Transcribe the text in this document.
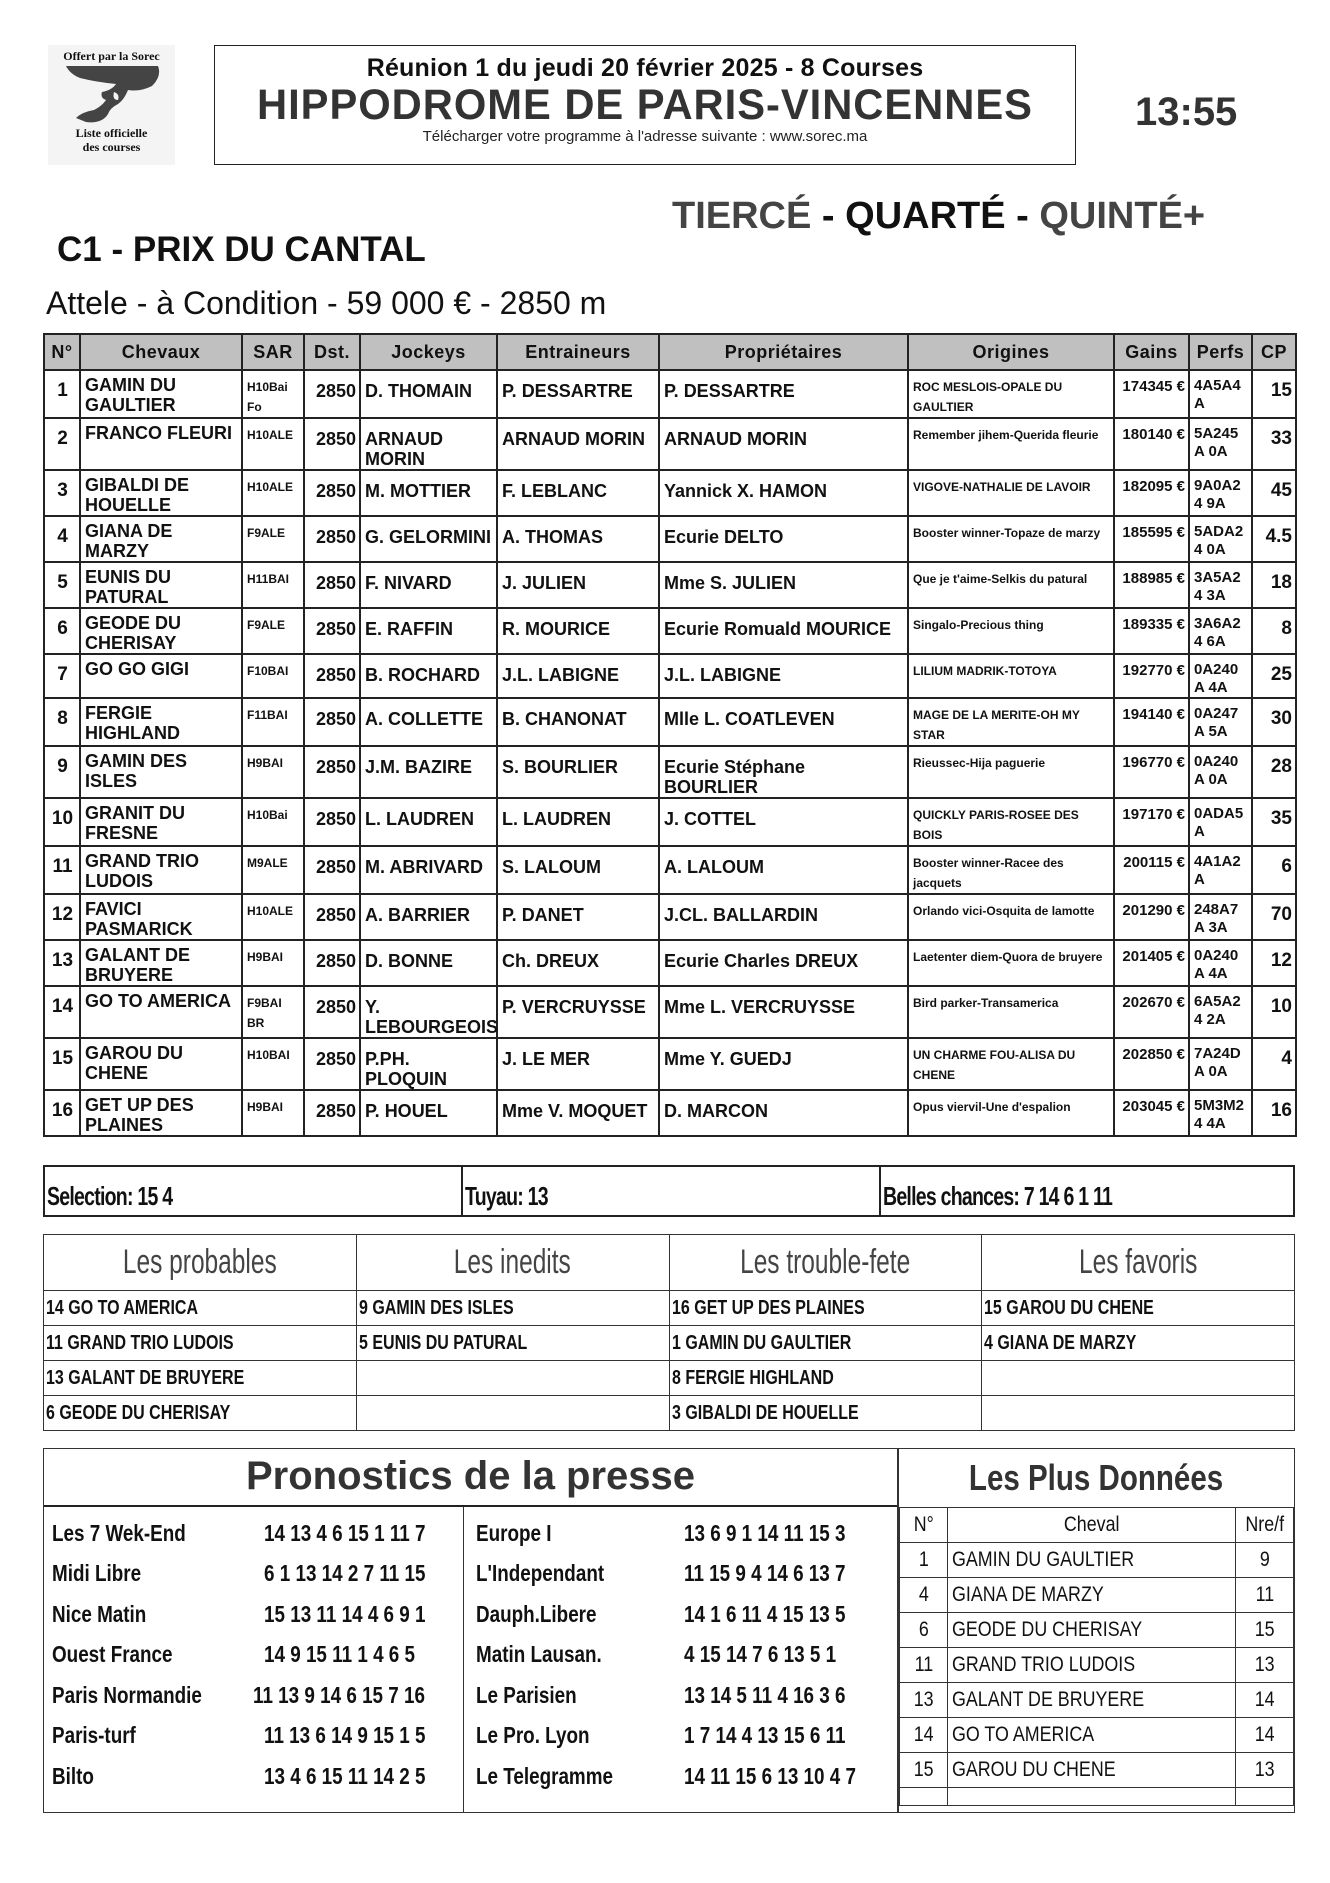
Offert par la Sorec
Liste officielle
des courses
Réunion 1 du jeudi 20 février 2025 - 8 Courses
HIPPODROME DE PARIS-VINCENNES
Télécharger votre programme à l'adresse suivante : www.sorec.ma
13:55
TIERCÉ - QUARTÉ - QUINTÉ+
C1 - PRIX DU CANTAL
Attele - à Condition - 59 000 € - 2850 m
N°	Chevaux	SAR	Dst.	Jockeys	Entraineurs	Propriétaires	Origines	Gains	Perfs	CP
1	GAMIN DU GAULTIER	H10Bai Fo	2850	D. THOMAIN	P. DESSARTRE	P. DESSARTRE	ROC MESLOIS-OPALE DU GAULTIER	174345 €	4A5A4A	15
2	FRANCO FLEURI	H10ALE	2850	ARNAUD MORIN	ARNAUD MORIN	ARNAUD MORIN	Remember jihem-Querida fleurie	180140 €	5A245A 0A	33
3	GIBALDI DE HOUELLE	H10ALE	2850	M. MOTTIER	F. LEBLANC	Yannick X. HAMON	VIGOVE-NATHALIE DE LAVOIR	182095 €	9A0A24 9A	45
4	GIANA DE MARZY	F9ALE	2850	G. GELORMINI	A. THOMAS	Ecurie DELTO	Booster winner-Topaze de marzy	185595 €	5ADA24 0A	4.5
5	EUNIS DU PATURAL	H11BAI	2850	F. NIVARD	J. JULIEN	Mme S. JULIEN	Que je t'aime-Selkis du patural	188985 €	3A5A24 3A	18
6	GEODE DU CHERISAY	F9ALE	2850	E. RAFFIN	R. MOURICE	Ecurie Romuald MOURICE	Singalo-Precious thing	189335 €	3A6A24 6A	8
7	GO GO GIGI	F10BAI	2850	B. ROCHARD	J.L. LABIGNE	J.L. LABIGNE	LILIUM MADRIK-TOTOYA	192770 €	0A240A 4A	25
8	FERGIE HIGHLAND	F11BAI	2850	A. COLLETTE	B. CHANONAT	Mlle L. COATLEVEN	MAGE DE LA MERITE-OH MY STAR	194140 €	0A247A 5A	30
9	GAMIN DES ISLES	H9BAI	2850	J.M. BAZIRE	S. BOURLIER	Ecurie Stéphane BOURLIER	Rieussec-Hija paguerie	196770 €	0A240A 0A	28
10	GRANIT DU FRESNE	H10Bai	2850	L. LAUDREN	L. LAUDREN	J. COTTEL	QUICKLY PARIS-ROSEE DES BOIS	197170 €	0ADA5A	35
11	GRAND TRIO LUDOIS	M9ALE	2850	M. ABRIVARD	S. LALOUM	A. LALOUM	Booster winner-Racee des jacquets	200115 €	4A1A2A	6
12	FAVICI PASMARICK	H10ALE	2850	A. BARRIER	P. DANET	J.CL. BALLARDIN	Orlando vici-Osquita de lamotte	201290 €	248A7A 3A	70
13	GALANT DE BRUYERE	H9BAI	2850	D. BONNE	Ch. DREUX	Ecurie Charles DREUX	Laetenter diem-Quora de bruyere	201405 €	0A240A 4A	12
14	GO TO AMERICA	F9BAI BR	2850	Y. LEBOURGEOIS	P. VERCRUYSSE	Mme L. VERCRUYSSE	Bird parker-Transamerica	202670 €	6A5A24 2A	10
15	GAROU DU CHENE	H10BAI	2850	P.PH. PLOQUIN	J. LE MER	Mme Y. GUEDJ	UN CHARME FOU-ALISA DU CHENE	202850 €	7A24DA 0A	4
16	GET UP DES PLAINES	H9BAI	2850	P. HOUEL	Mme V. MOQUET	D. MARCON	Opus viervil-Une d'espalion	203045 €	5M3M24 4A	16
Selection: 15 4	Tuyau: 13	Belles chances: 7 14 6 1 11
Les probables	Les inedits	Les trouble-fete	Les favoris
14 GO TO AMERICA	9 GAMIN DES ISLES	16 GET UP DES PLAINES	15 GAROU DU CHENE
11 GRAND TRIO LUDOIS	5 EUNIS DU PATURAL	1 GAMIN DU GAULTIER	4 GIANA DE MARZY
13 GALANT DE BRUYERE		8 FERGIE HIGHLAND	
6 GEODE DU CHERISAY		3 GIBALDI DE HOUELLE	
Pronostics de la presse
Les 7 Wek-End	14 13 4 6 15 1 11 7
Midi Libre	6 1 13 14 2 7 11 15
Nice Matin	15 13 11 14 4 6 9 1
Ouest France	14 9 15 11 1 4 6 5
Paris Normandie	11 13 9 14 6 15 7 16
Paris-turf	11 13 6 14 9 15 1 5
Bilto	13 4 6 15 11 14 2 5
Europe I	13 6 9 1 14 11 15 3
L'Independant	11 15 9 4 14 6 13 7
Dauph.Libere	14 1 6 11 4 15 13 5
Matin Lausan.	4 15 14 7 6 13 5 1
Le Parisien	13 14 5 11 4 16 3 6
Le Pro. Lyon	1 7 14 4 13 15 6 11
Le Telegramme	14 11 15 6 13 10 4 7
Les Plus Données
N°	Cheval	Nre/f
1	GAMIN DU GAULTIER	9
4	GIANA DE MARZY	11
6	GEODE DU CHERISAY	15
11	GRAND TRIO LUDOIS	13
13	GALANT DE BRUYERE	14
14	GO TO AMERICA	14
15	GAROU DU CHENE	13
